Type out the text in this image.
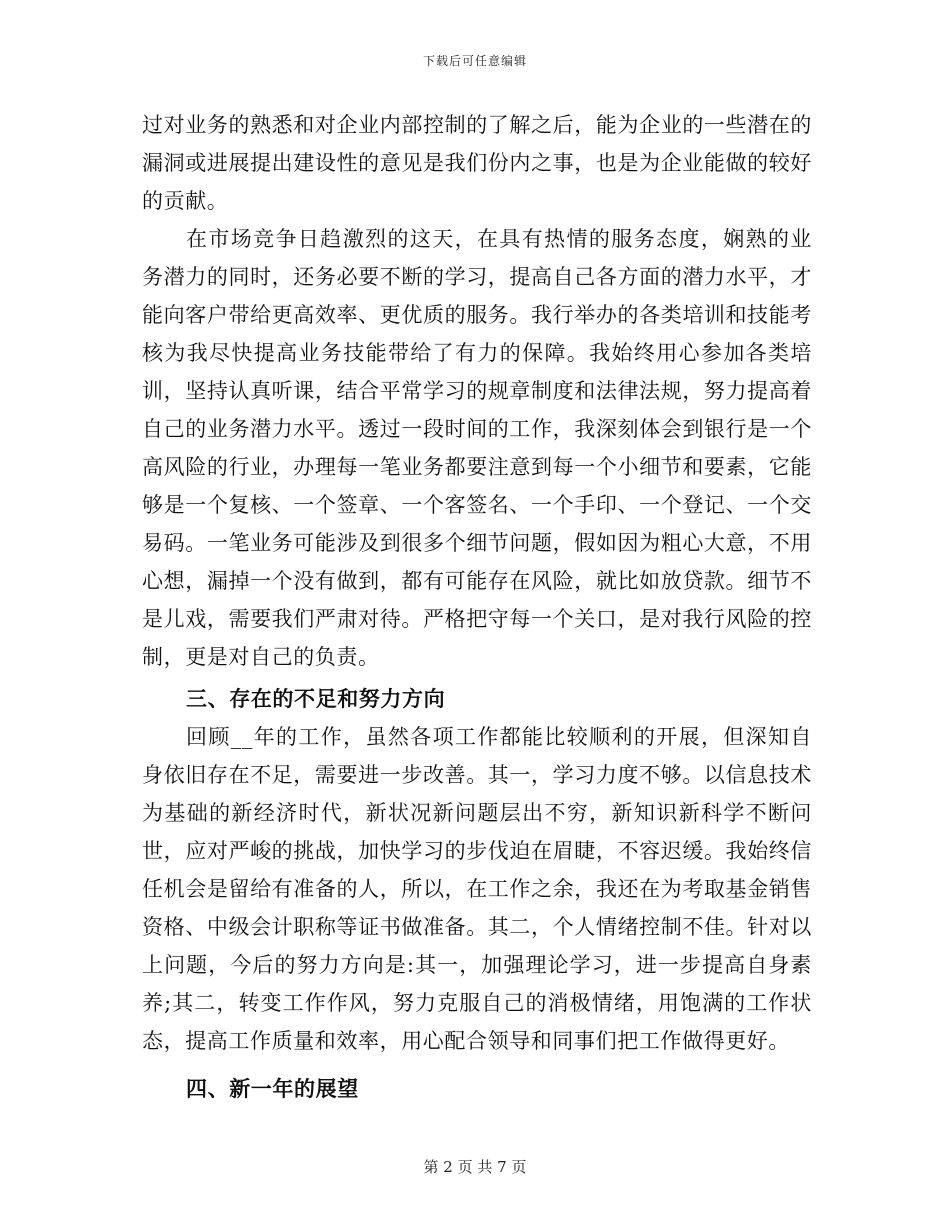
下载后可任意编辑

过对业务的熟悉和对企业内部控制的了解之后，能为企业的一些潜在的漏洞或进展提出建设性的意见是我们份内之事，也是为企业能做的较好的贡献。

在市场竞争日趋激烈的这天，在具有热情的服务态度，娴熟的业务潜力的同时，还务必要不断的学习，提高自己各方面的潜力水平，才能向客户带给更高效率、更优质的服务。我行举办的各类培训和技能考核为我尽快提高业务技能带给了有力的保障。我始终用心参加各类培训，坚持认真听课，结合平常学习的规章制度和法律法规，努力提高着自己的业务潜力水平。透过一段时间的工作，我深刻体会到银行是一个高风险的行业，办理每一笔业务都要注意到每一个小细节和要素，它能够是一个复核、一个签章、一个客签名、一个手印、一个登记、一个交易码。一笔业务可能涉及到很多个细节问题，假如因为粗心大意，不用心想，漏掉一个没有做到，都有可能存在风险，就比如放贷款。细节不是儿戏，需要我们严肃对待。严格把守每一个关口，是对我行风险的控制，更是对自己的负责。

三、存在的不足和努力方向

回顾__年的工作，虽然各项工作都能比较顺利的开展，但深知自身依旧存在不足，需要进一步改善。其一，学习力度不够。以信息技术为基础的新经济时代，新状况新问题层出不穷，新知识新科学不断问世，应对严峻的挑战，加快学习的步伐迫在眉睫，不容迟缓。我始终信任机会是留给有准备的人，所以，在工作之余，我还在为考取基金销售资格、中级会计职称等证书做准备。其二，个人情绪控制不佳。针对以上问题，今后的努力方向是:其一，加强理论学习，进一步提高自身素养;其二，转变工作作风，努力克服自己的消极情绪，用饱满的工作状态，提高工作质量和效率，用心配合领导和同事们把工作做得更好。

四、新一年的展望

第 2 页 共 7 页
